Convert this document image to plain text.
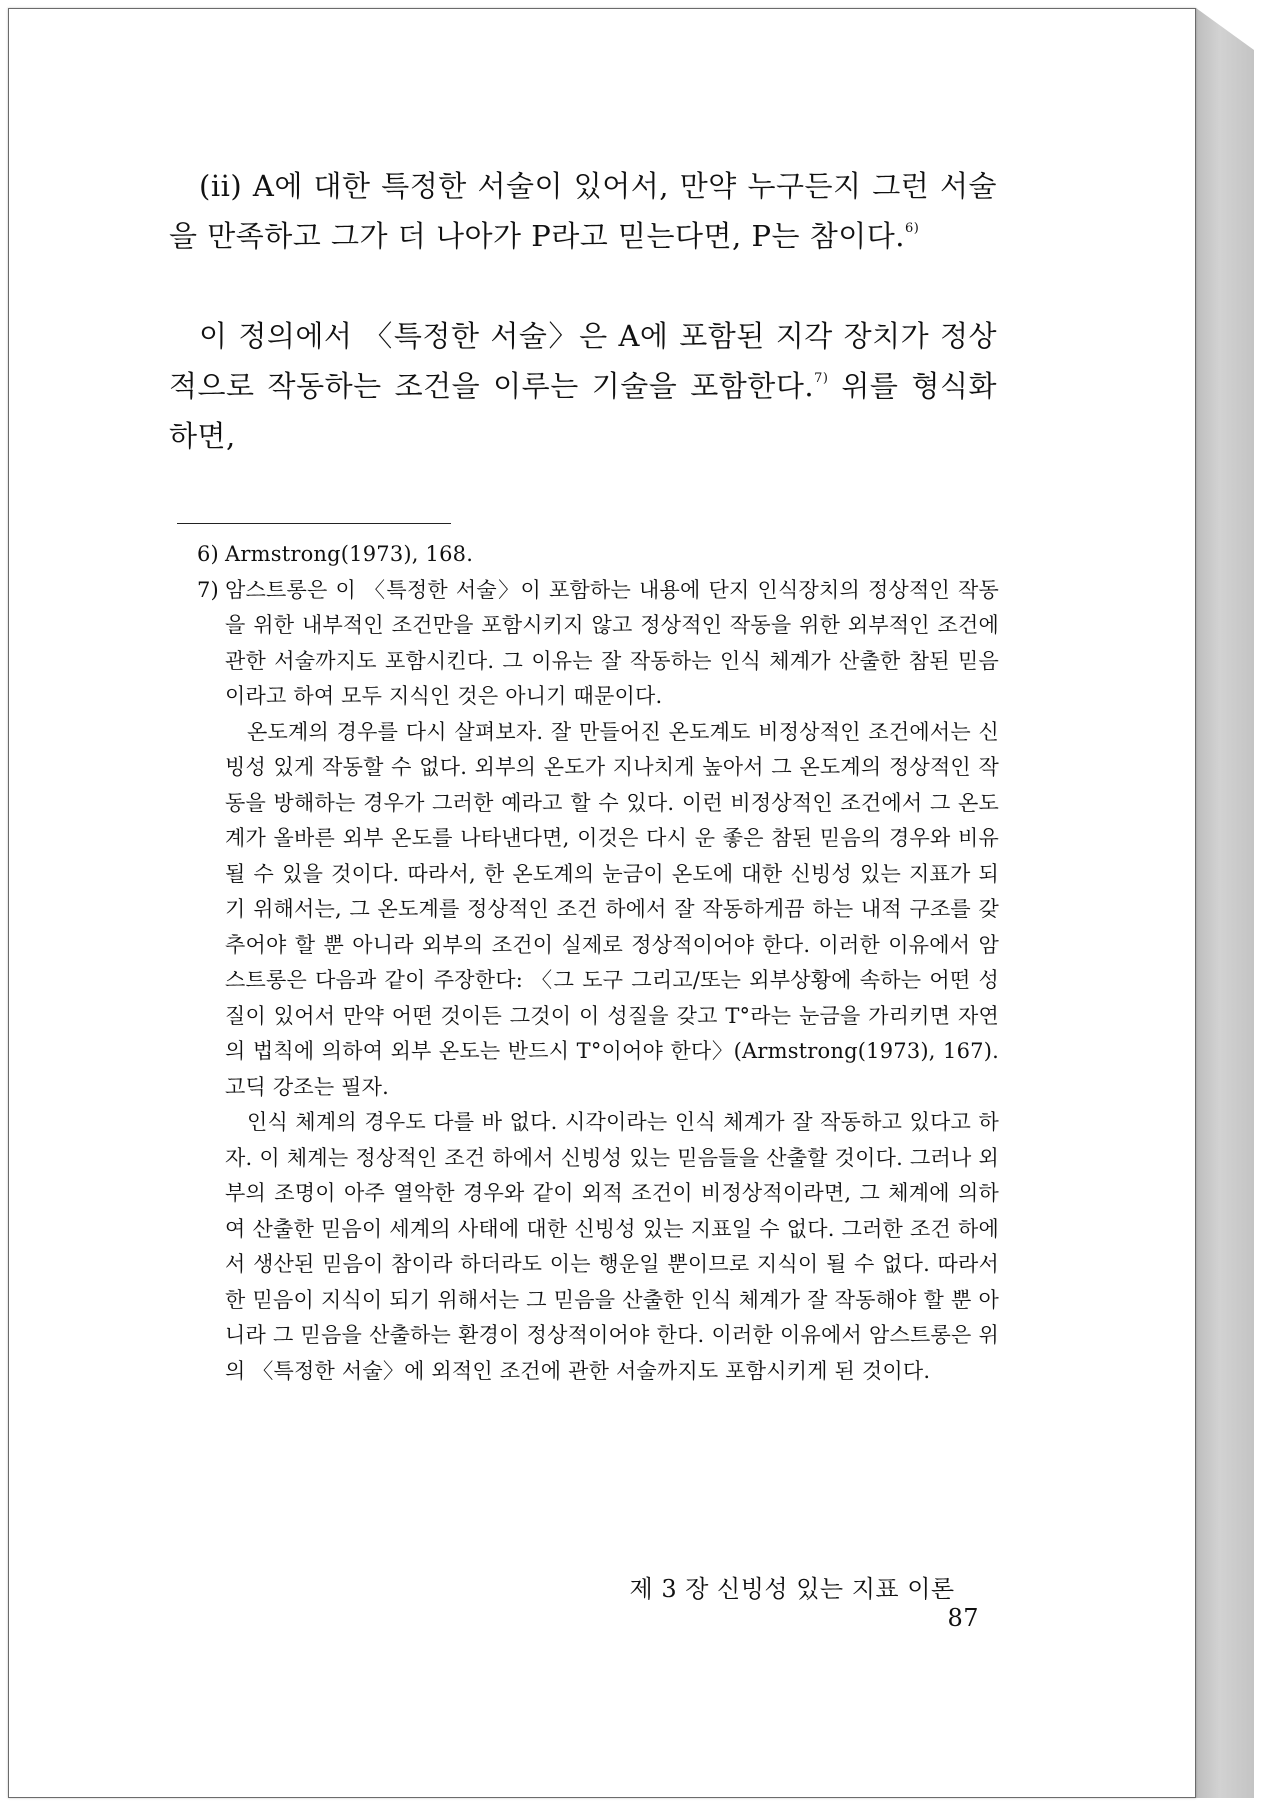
(ii) A에 대한 특정한 서술이 있어서, 만약 누구든지 그런 서술을 만족하고 그가 더 나아가 P라고 믿는다면, P는 참이다.$^{6)}$
이 정의에서 〈특정한 서술〉은 A에 포함된 지각 장치가 정상적으로 작동하는 조건을 이루는 기술을 포함한다.$^{7)}$ 위를 형식화하면,
6) Armstrong(1973), 168.
7) 암스트롱은 이 〈특정한 서술〉이 포함하는 내용에 단지 인식장치의 정상적인 작동을 위한 내부적인 조건만을 포함시키지 않고 정상적인 작동을 위한 외부적인 조건에 관한 서술까지도 포함시킨다. 그 이유는 잘 작동하는 인식 체계가 산출한 참된 믿음이라고 하여 모두 지식인 것은 아니기 때문이다.

온도계의 경우를 다시 살펴보자. 잘 만들어진 온도계도 비정상적인 조건에서는 신빙성 있게 작동할 수 없다. 외부의 온도가 지나치게 높아서 그 온도계의 정상적인 작동을 방해하는 경우가 그러한 예라고 할 수 있다. 이런 비정상적인 조건에서 그 온도계가 올바른 외부 온도를 나타낸다면, 이것은 다시 운 좋은 참된 믿음의 경우와 비유될 수 있을 것이다. 따라서, 한 온도계의 눈금이 온도에 대한 신빙성 있는 지표가 되기 위해서는, 그 온도계를 정상적인 조건 하에서 잘 작동하게끔 하는 내적 구조를 갖추어야 할 뿐 아니라 외부의 조건이 실제로 정상적이어야 한다. 이러한 이유에서 암스트롱은 다음과 같이 주장한다: 〈그 도구 그리고/또는 외부상황에 속하는 어떤 성질이 있어서 만약 어떤 것이든 그것이 이 성질을 갖고 T°라는 눈금을 가리키면 자연의 법칙에 의하여 외부 온도는 반드시 T°이어야 한다〉(Armstrong(1973), 167). 고딕 강조는 필자.

인식 체계의 경우도 다를 바 없다. 시각이라는 인식 체계가 잘 작동하고 있다고 하자. 이 체계는 정상적인 조건 하에서 신빙성 있는 믿음들을 산출할 것이다. 그러나 외부의 조명이 아주 열악한 경우와 같이 외적 조건이 비정상적이라면, 그 체계에 의하여 산출한 믿음이 세계의 사태에 대한 신빙성 있는 지표일 수 없다. 그러한 조건 하에서 생산된 믿음이 참이라 하더라도 이는 행운일 뿐이므로 지식이 될 수 없다. 따라서 한 믿음이 지식이 되기 위해서는 그 믿음을 산출한 인식 체계가 잘 작동해야 할 뿐 아니라 그 믿음을 산출하는 환경이 정상적이어야 한다. 이러한 이유에서 암스트롱은 위의 〈특정한 서술〉에 외적인 조건에 관한 서술까지도 포함시키게 된 것이다.

제 3 장 신빙성 있는 지표 이론    87
